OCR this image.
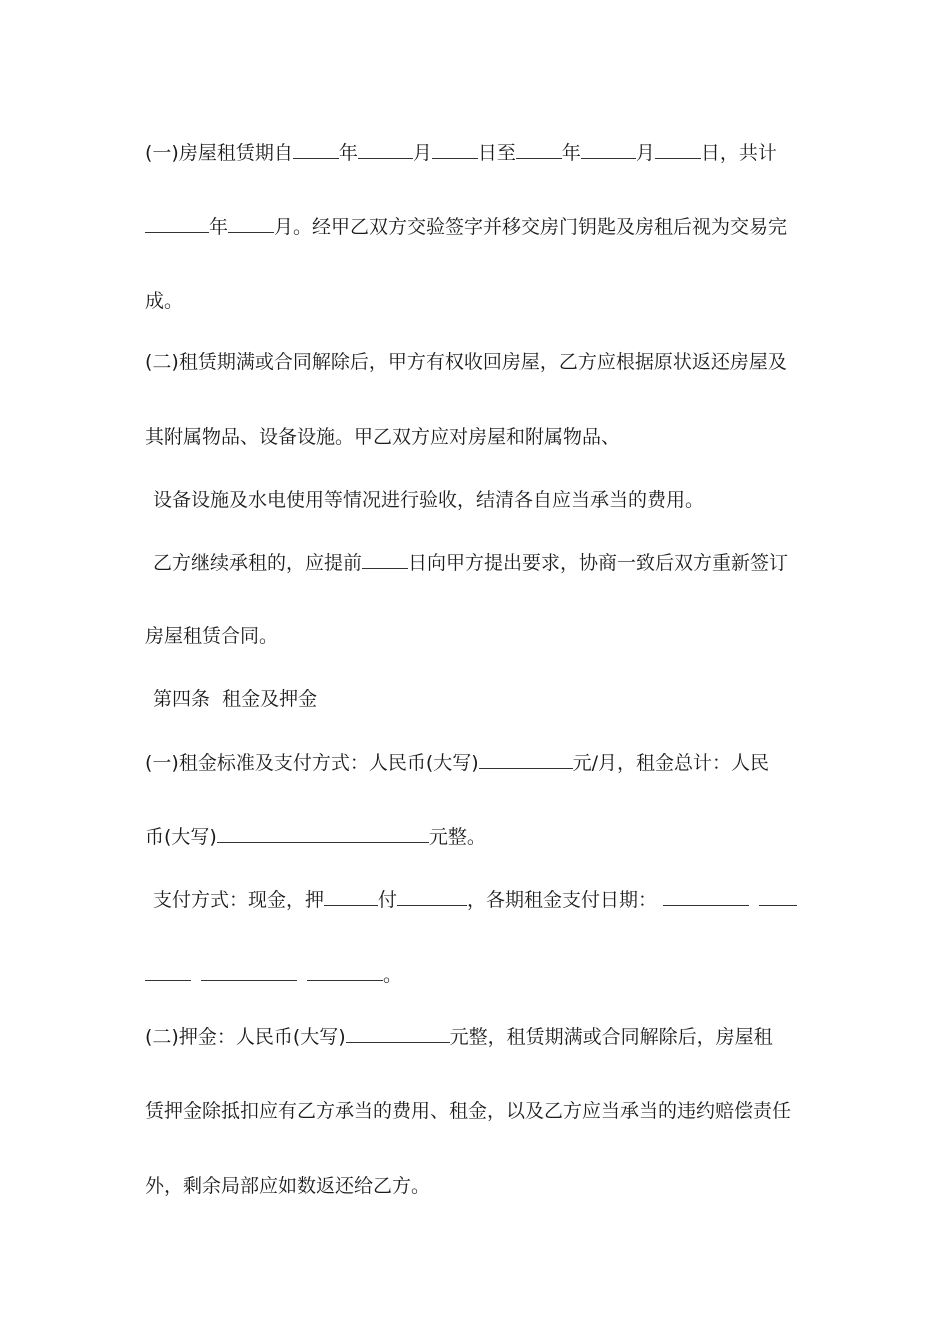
(一)房屋租赁期自 年	月 日至 年	月 日，共计
年 月。经甲乙双方交验签字并移交房门钥匙及房租后视为交易完
成。
(二)租赁期满或合同解除后，甲方有权收回房屋，乙方应根据原状返还房屋及
其附属物品、设备设施。甲乙双方应对房屋和附属物品、
设备设施及水电使用等情况进行验收，结清各自应当承当的费用。
乙方继续承租的，应提前 日向甲方提出要求，协商一致后双方重新签订
房屋租赁合同。
第四条  租金及押金
(一)租金标准及支付方式：人民币(大写)	元/月，租金总计：人民
币(大写)	元整。
支付方式：现金，押	付	，各期租金支付日期：
。
(二)押金：人民币(大写)	元整，租赁期满或合同解除后，房屋租
赁押金除抵扣应有乙方承当的费用、租金，以及乙方应当承当的违约赔偿责任
外，剩余局部应如数返还给乙方。
